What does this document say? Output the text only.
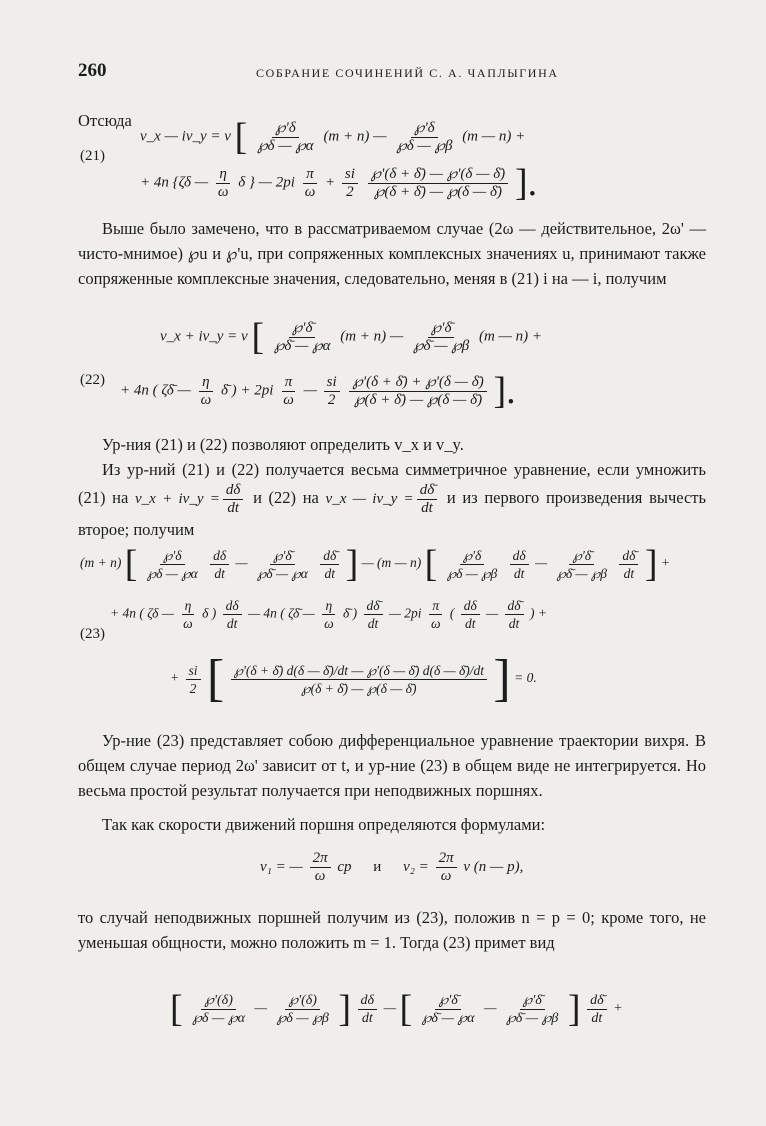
260	СОБРАНИЕ СОЧИНЕНИЙ С. А. ЧАПЛЫГИНА
Отсюда
(21)
v_x — iv_y = v [ $\frac{℘'\delta}{℘\delta — ℘\alpha} (m + n)$ — $\frac{℘'\delta}{℘\delta — ℘\beta} (m$ — n) +
+ 4n {ζδ — $\frac{\eta}{\omega}$ δ } — $2pi \frac{\pi}{\omega} + \frac{si}{2}$
$\frac{℘'(\delta + \deltā) — ℘'(\delta — \deltā)}{℘(\delta + \deltā) — ℘(\delta — \deltā)}$ ].
Выше было замечено, что в рассматриваемом случае (2ω — действительное, 2ω' — чисто-мнимое) ℘u и ℘'u, при сопряженных комплексных значениях u, принимают также сопряженные комплексные значения, следовательно, меняя в (21) i на — i, получим
(22)
v_x + iv_y = v [ $\frac{℘'\deltā}{℘\deltā — ℘\alpha} (m + n)$ — $\frac{℘'\deltā}{℘\deltā — ℘\beta} (m$ — n) +
+ 4n ( ζδ̄ — $\frac{\eta}{\omega}$ δ̄ ) + $2pi \frac{\pi}{\omega}$ — $\frac{si}{2}$
$\frac{℘'(\delta + \deltā) + ℘'(\delta — \deltā)}{℘(\delta + \deltā) — ℘(\delta — \deltā)}$ ].
Ур-ния (21) и (22) позволяют определить v_x и v_y.
Из ур-ний (21) и (22) получается весьма симметричное уравнение, если умножить (21) на v_x + iv_y = $\frac{d\delta}{dt}$ и (22) на v_x — iv_y = $\frac{d\deltā}{dt}$ и из первого произведения вычесть второе; получим
(23)
(m + n) [ $\frac{℘'\delta}{℘\delta — ℘\alpha}$
$\frac{d\delta}{dt}$ — $\frac{℘'\deltā}{℘\deltā — ℘\alpha}$
$\frac{d\deltā}{dt}$ ] — (m — n) [ $\frac{℘'\delta}{℘\delta — ℘\beta}$
$\frac{d\delta}{dt}$ — $\frac{℘'\deltā}{℘\deltā — ℘\beta}$
$\frac{d\deltā}{dt}$ ] +
+ 4n ( ζδ — $\frac{\eta}{\omega}$ δ ) $\frac{d\delta}{dt}$ — 4n ( ζδ̄ — $\frac{\eta}{\omega}$ δ̄ ) $\frac{d\deltā}{dt}$ — $2pi \frac{\pi}{\omega}$ ( $\frac{d\delta}{dt}$ — $\frac{d\deltā}{dt}$ ) +
+ $\frac{si}{2}$ [ $\frac{℘'(\delta + \deltā) d(\delta — \deltā)/dt — ℘'(\delta — \deltā) d(\delta — \deltā)/dt}{℘(\delta + \deltā) — ℘(\delta — \deltā)}$ ] = 0.
Ур-ние (23) представляет собою дифференциальное уравнение траектории вихря. В общем случае период 2ω' зависит от t, и ур-ние (23) в общем виде не интегрируется. Но весьма простой результат получается при неподвижных поршнях.
Так как скорости движений поршня определяются формулами:
v₁ = — $\frac{2\pi}{\omega}$ cp и $v_2 = \frac{2\pi}{\omega}$ v (n — p),
то случай неподвижных поршней получим из (23), положив n = p = 0; кроме того, не уменьшая общности, можно положить m = 1. Тогда (23) примет вид
[ $\frac{℘'(\delta)}{℘\delta — ℘\alpha}$ — $\frac{℘'(\delta)}{℘\delta — ℘\beta}$ ] $\frac{d\delta}{dt}$ — [ $\frac{℘'\deltā}{℘\deltā — ℘\alpha}$ — $\frac{℘'\deltā}{℘\deltā — ℘\beta}$ ] $\frac{d\deltā}{dt}$ +
